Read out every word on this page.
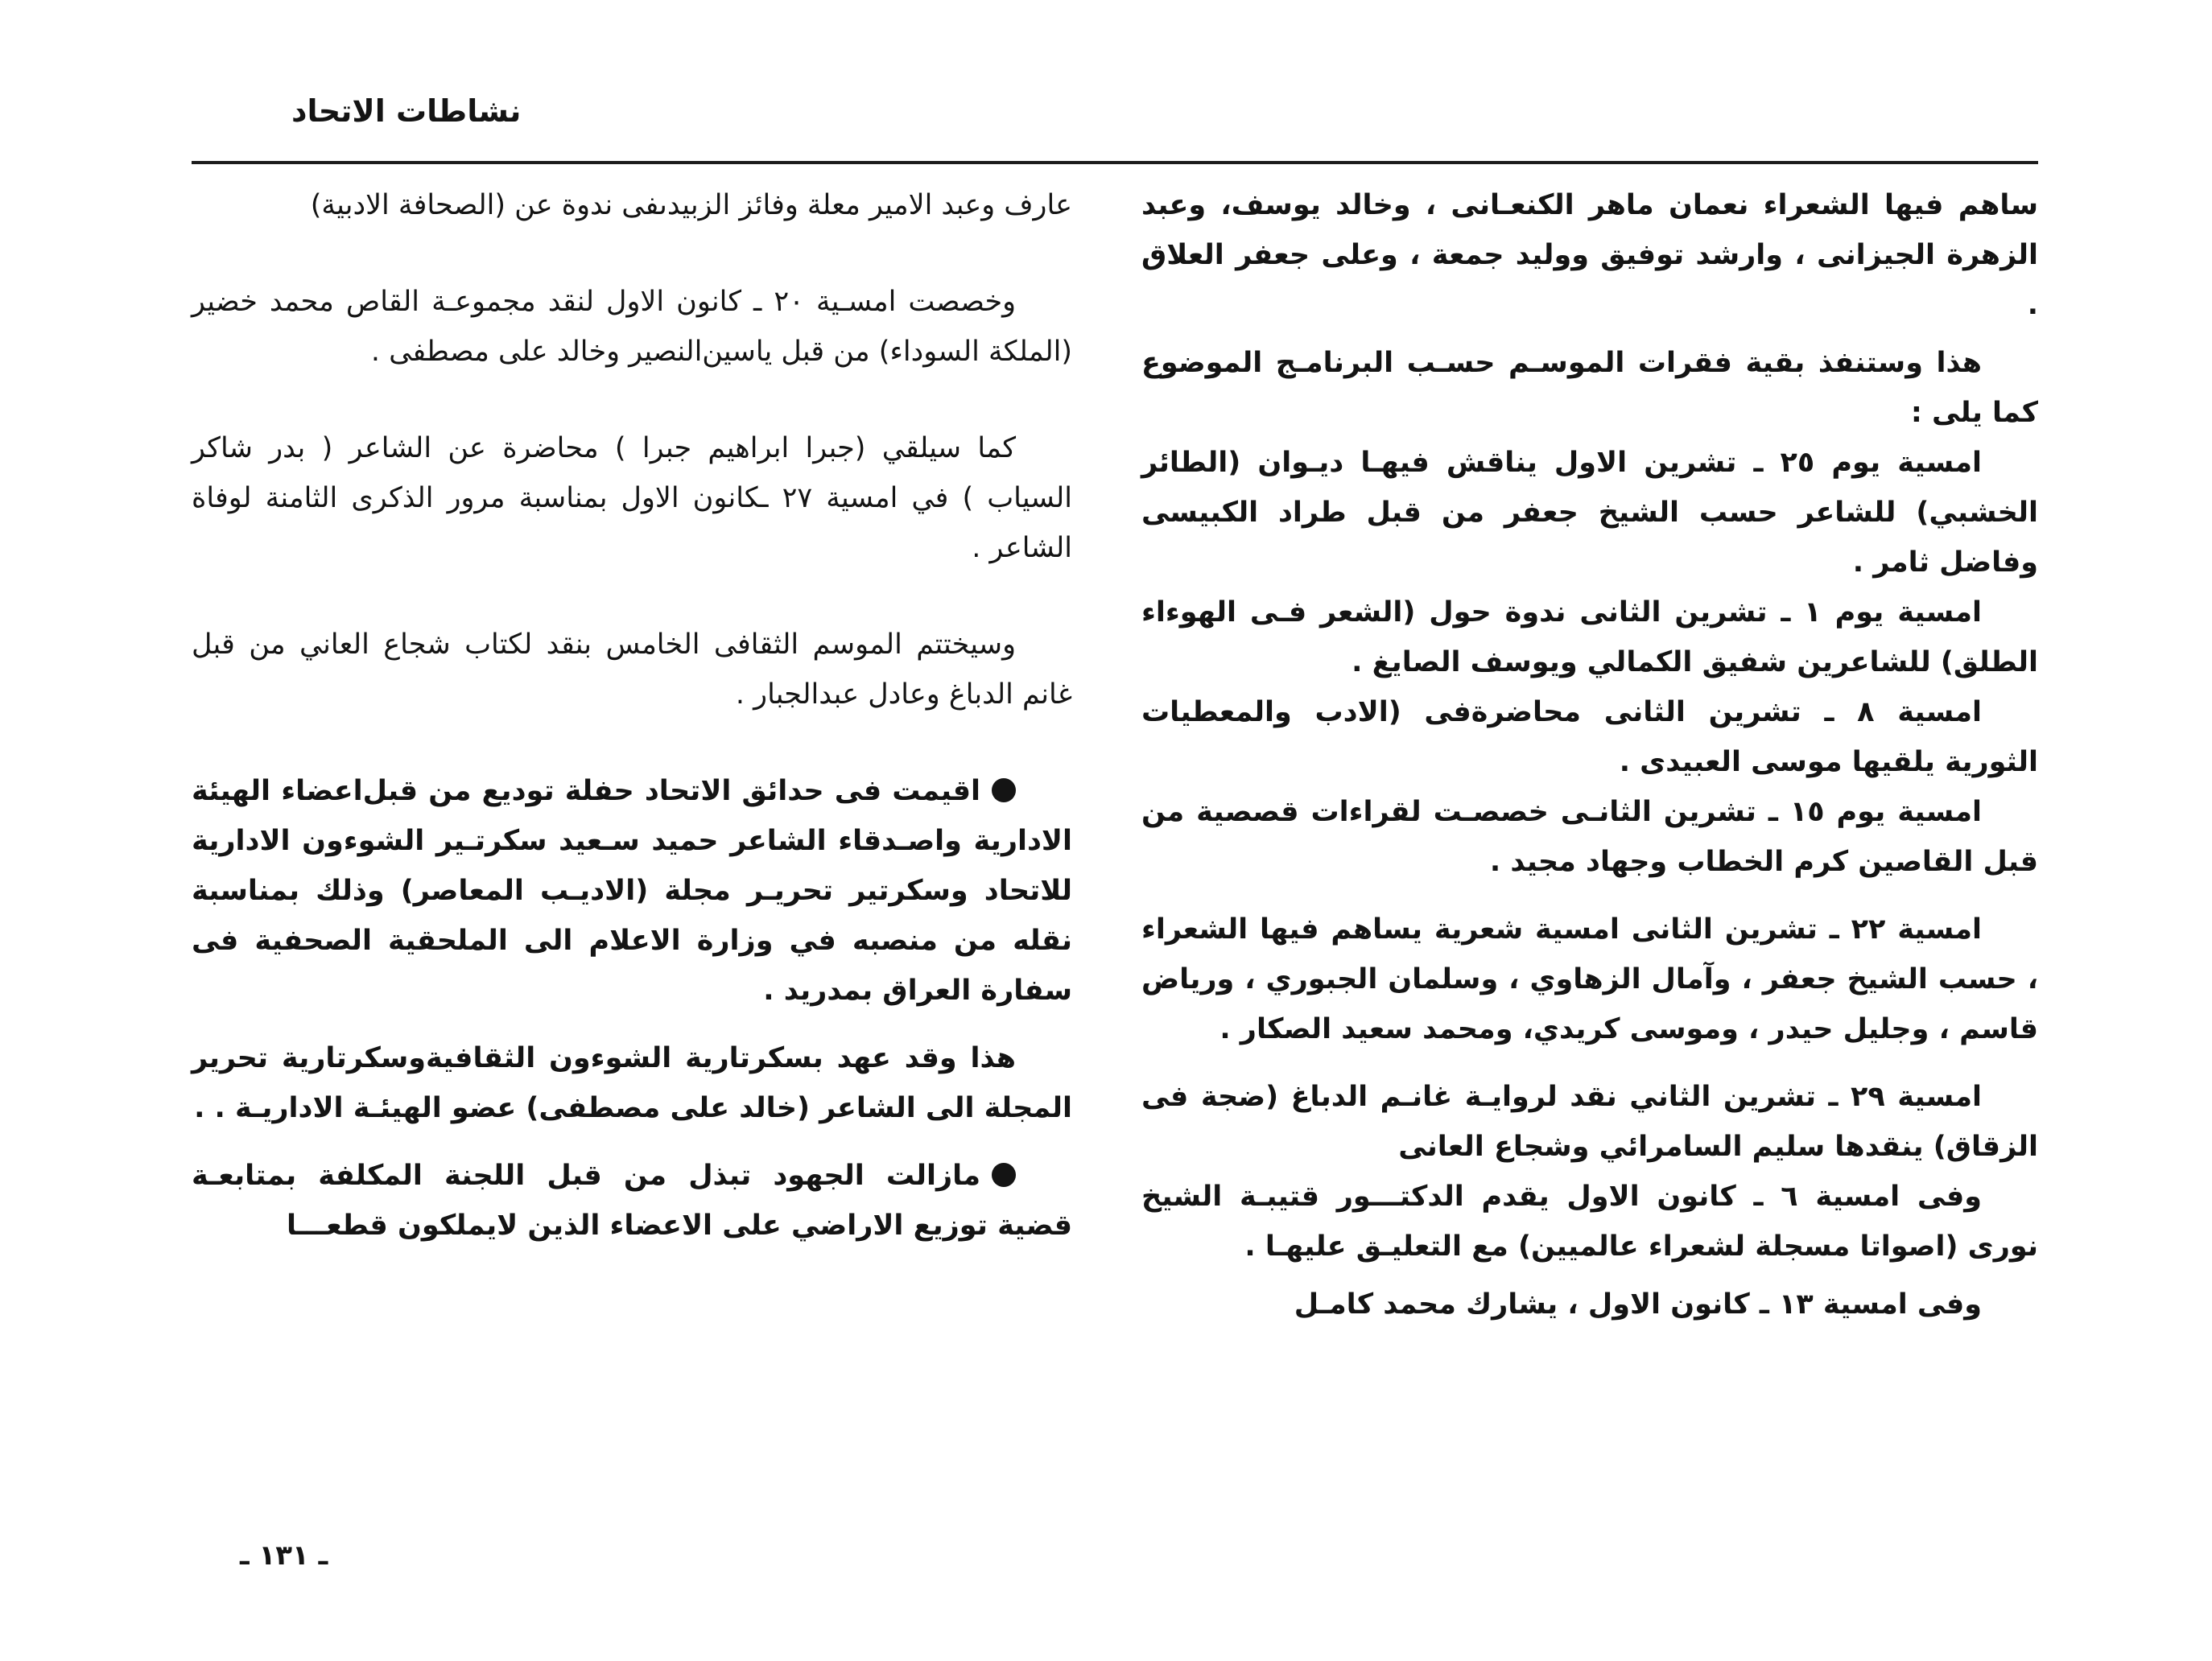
نشاطات الاتحاد

ساهم فيها الشعراء نعمان ماهر الكنعـانى ، وخالد يوسف، وعبد الزهرة الجيزانى ، وارشد توفيق ووليد جمعة ، وعلى جعفر العلاق .

هذا وستنفذ بقية فقرات الموسـم حسـب البرنامـج الموضوع كما يلى :

امسية يوم ٢٥ ـ تشرين الاول يناقش فيهـا ديـوان (الطائر الخشبي) للشاعر حسب الشيخ جعفر من قبل طراد الكبيسى وفاضل ثامر .

امسية يوم ١ ـ تشرين الثانى ندوة حول (الشعر فـى الهوءاء الطلق) للشاعرين شفيق الكمالي ويوسف الصايغ .

امسية ٨ ـ تشرين الثانى محاضرةفى (الادب والمعطيات الثورية يلقيها موسى العبيدى .

امسية يوم ١٥ ـ تشرين الثانـى خصصـت لقراءات قصصية من قبل القاصين كرم الخطاب وجهاد مجيد .

امسية ٢٢ ـ تشرين الثانى امسية شعرية يساهم فيها الشعراء ، حسب الشيخ جعفر ، وآمال الزهاوي ، وسلمان الجبوري ، ورياض قاسم ، وجليل حيدر ، وموسى كريدي، ومحمد سعيد الصكار .

امسية ٢٩ ـ تشرين الثاني نقد لروايـة غانـم الدباغ (ضجة فى الزقاق) ينقدها سليم السامرائي وشجاع العانى

وفى امسية ٦ ـ كانون الاول يقدم الدكتـــور قتيبـة الشيخ نورى (اصواتا مسجلة لشعراء عالميين) مع التعليـق عليهـا .

وفى امسية ١٣ ـ كانون الاول ، يشارك محمد كامـل

عارف وعبد الامير معلة وفائز الزبيدىفى ندوة عن (الصحافة الادبية)

وخصصت امسـية ٢٠ ـ كانون الاول لنقد مجموعـة القاص محمد خضير (الملكة السوداء) من قبل ياسين‌النصير وخالد على مصطفى .

كما سيلقي (جبرا ابراهيم جبرا ) محاضرة عن الشاعر ( بدر شاكر السياب ) في امسية ٢٧ ـكانون الاول بمناسبة مرور الذكرى الثامنة لوفاة الشاعر .

وسيختتم الموسم الثقافى الخامس بنقد لكتاب شجاع العاني من قبل غانم الدباغ وعادل عبدالجبار .

اقيمت فى حدائق الاتحاد حفلة توديع من قبل‌اعضاء الهيئة الادارية واصـدقاء الشاعر حميد سـعيد سكرتـير الشوءون الادارية للاتحاد وسكرتير تحريـر مجلة (الاديـب المعاصر) وذلك بمناسبة نقله من منصبه في وزارة الاعلام الى الملحقية الصحفية فى سفارة العراق بمدريد .

هذا وقد عهد بسكرتارية الشوءون الثقافيةوسكرتارية تحرير المجلة الى الشاعر (خالد على مصطفى) عضو الهيئـة الاداريـة . .

مازالت الجهود تبذل من قبل اللجنة المكلفة بمتابعـة قضية توزيع الاراضي على الاعضاء الذين لايملكون قطعـــا

ـ ١٣١ ـ
